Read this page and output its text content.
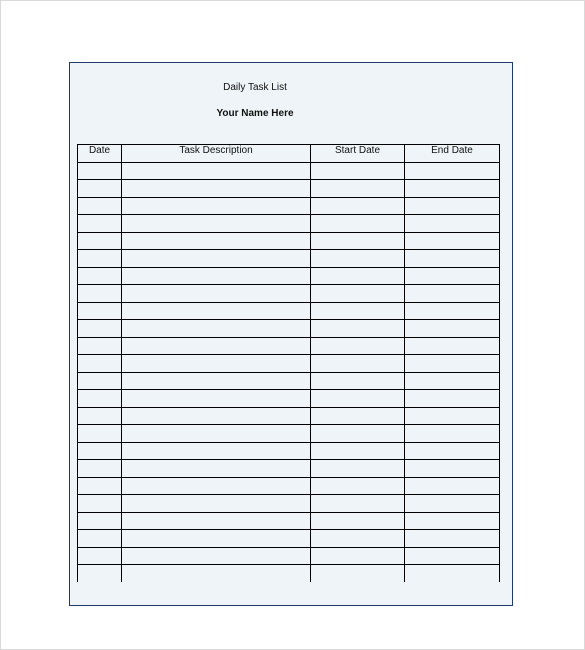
Daily Task List
Your Name Here
Date	Task Description	Start Date	End Date
